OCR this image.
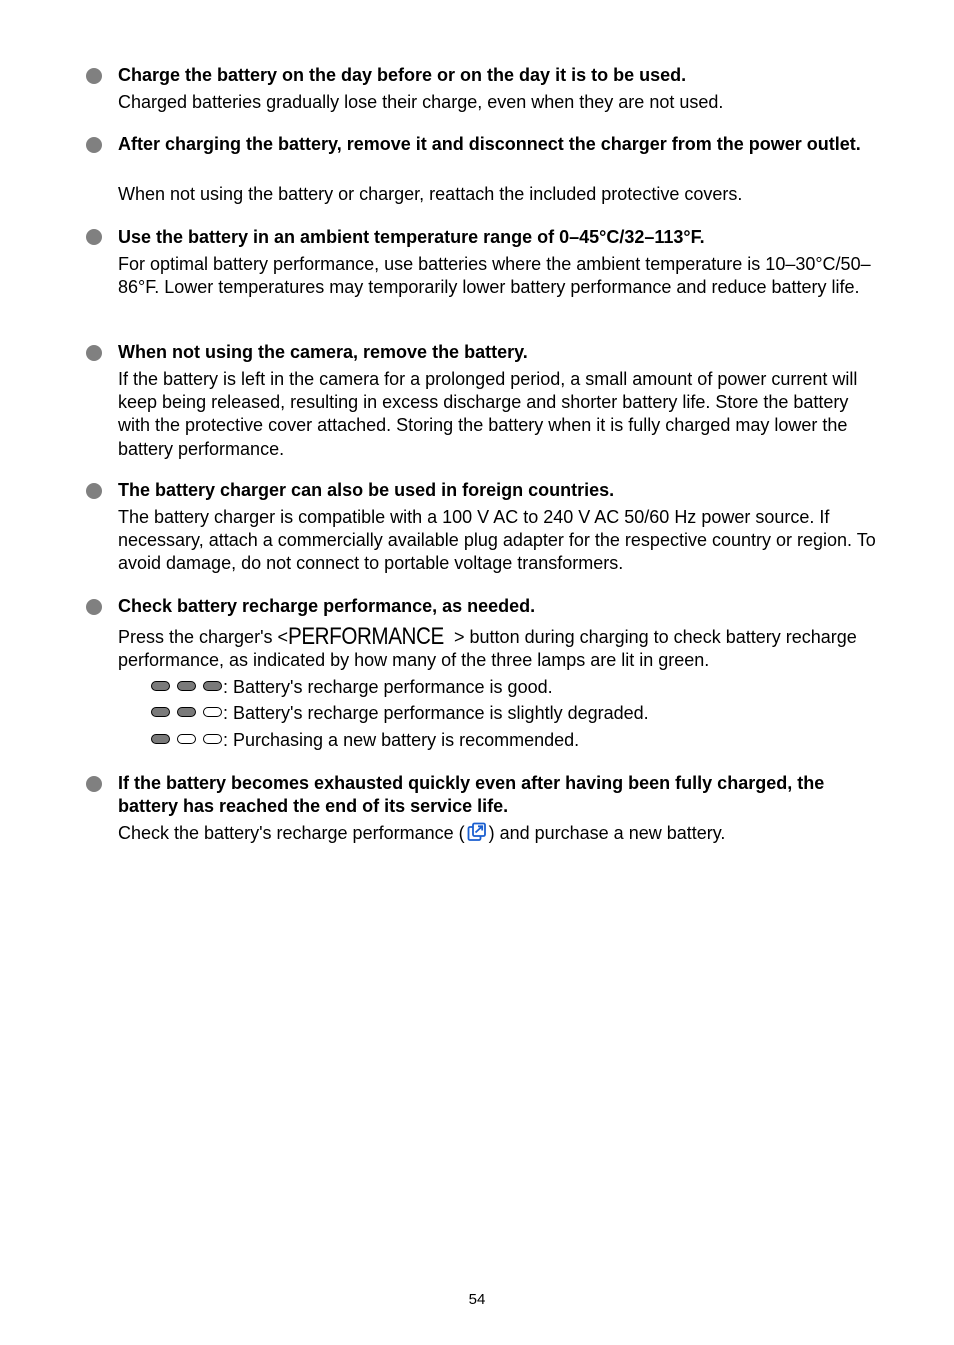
Charge the battery on the day before or on the day it is to be used.
Charged batteries gradually lose their charge, even when they are not used.
After charging the battery, remove it and disconnect the charger from the power outlet.
When not using the battery or charger, reattach the included protective covers.
Use the battery in an ambient temperature range of 0–45°C/32–113°F.
For optimal battery performance, use batteries where the ambient temperature is 10–30°C/50–86°F. Lower temperatures may temporarily lower battery performance and reduce battery life.
When not using the camera, remove the battery.
If the battery is left in the camera for a prolonged period, a small amount of power current will keep being released, resulting in excess discharge and shorter battery life. Store the battery with the protective cover attached. Storing the battery when it is fully charged may lower the battery performance.
The battery charger can also be used in foreign countries.
The battery charger is compatible with a 100 V AC to 240 V AC 50/60 Hz power source. If necessary, attach a commercially available plug adapter for the respective country or region. To avoid damage, do not connect to portable voltage transformers.
Check battery recharge performance, as needed.
Press the charger's <PERFORMANCE > button during charging to check battery recharge performance, as indicated by how many of the three lamps are lit in green.
: Battery's recharge performance is good.
: Battery's recharge performance is slightly degraded.
: Purchasing a new battery is recommended.
If the battery becomes exhausted quickly even after having been fully charged, the battery has reached the end of its service life.
Check the battery's recharge performance ( ) and purchase a new battery.
54
